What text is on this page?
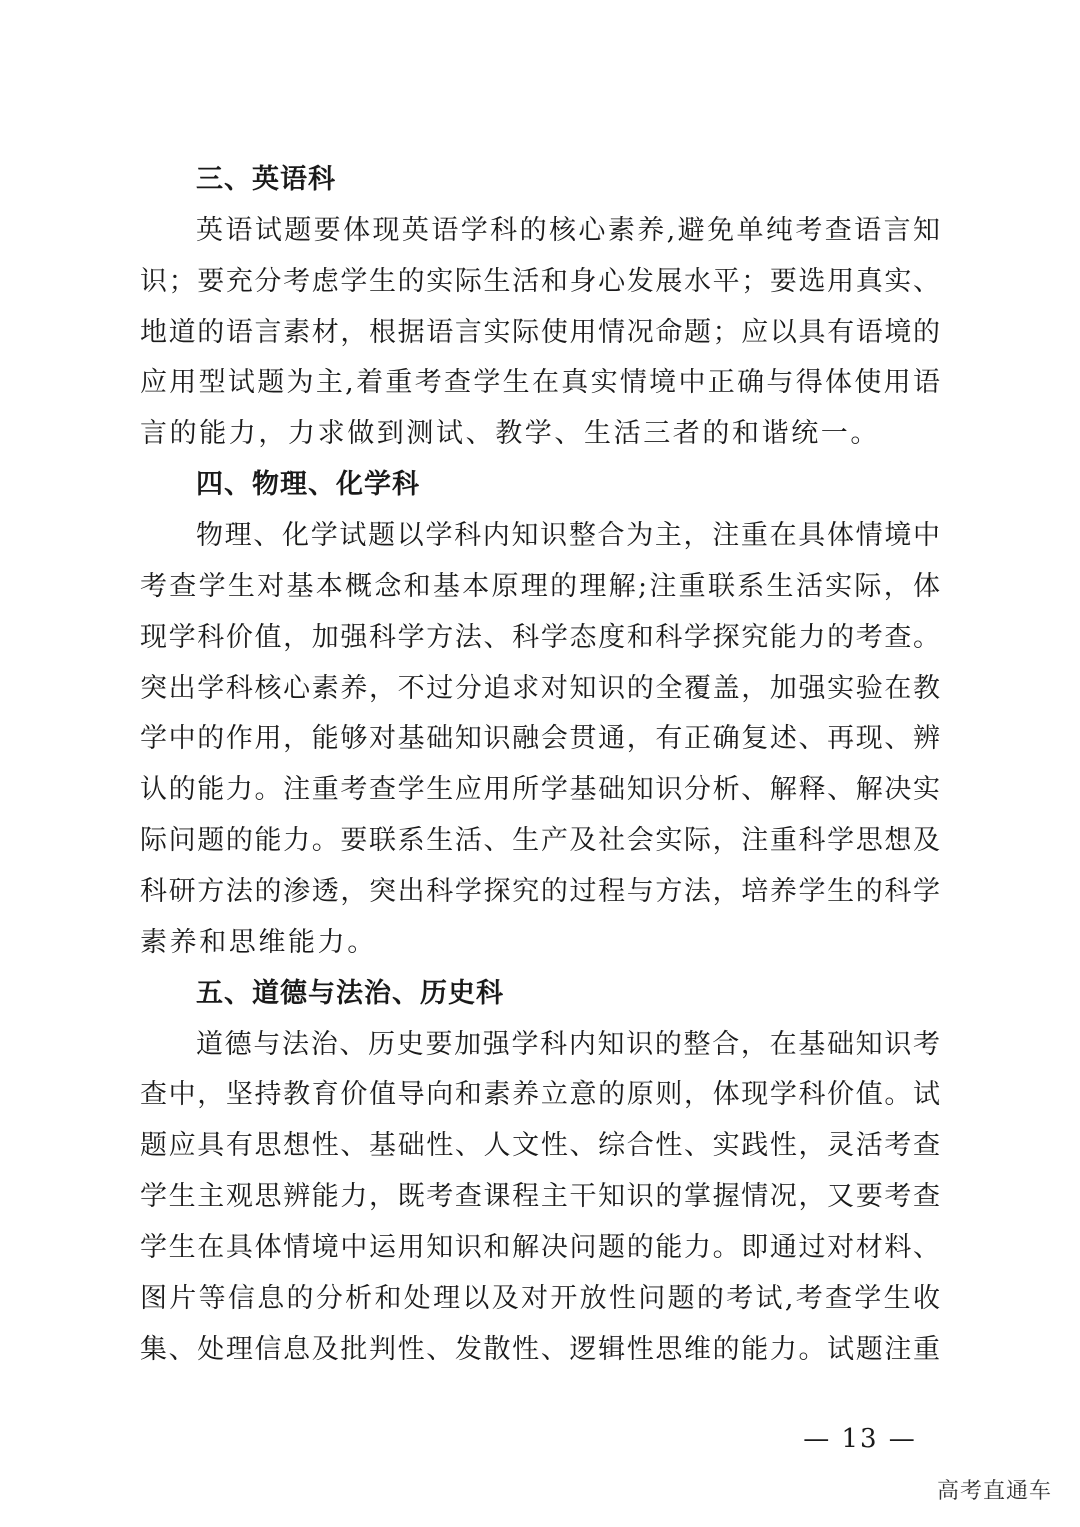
三、英语科
英语试题要体现英语学科的核心素养,避免单纯考查语言知
识；要充分考虑学生的实际生活和身心发展水平；要选用真实、
地道的语言素材，根据语言实际使用情况命题；应以具有语境的
应用型试题为主,着重考查学生在真实情境中正确与得体使用语
言的能力，力求做到测试、教学、生活三者的和谐统一。
四、物理、化学科
物理、化学试题以学科内知识整合为主，注重在具体情境中
考查学生对基本概念和基本原理的理解;注重联系生活实际，体
现学科价值，加强科学方法、科学态度和科学探究能力的考查。
突出学科核心素养，不过分追求对知识的全覆盖，加强实验在教
学中的作用，能够对基础知识融会贯通，有正确复述、再现、辨
认的能力。注重考查学生应用所学基础知识分析、解释、解决实
际问题的能力。要联系生活、生产及社会实际，注重科学思想及
科研方法的渗透，突出科学探究的过程与方法，培养学生的科学
素养和思维能力。
五、道德与法治、历史科
道德与法治、历史要加强学科内知识的整合，在基础知识考
查中，坚持教育价值导向和素养立意的原则，体现学科价值。试
题应具有思想性、基础性、人文性、综合性、实践性，灵活考查
学生主观思辨能力，既考查课程主干知识的掌握情况，又要考查
学生在具体情境中运用知识和解决问题的能力。即通过对材料、
图片等信息的分析和处理以及对开放性问题的考试,考查学生收
集、处理信息及批判性、发散性、逻辑性思维的能力。试题注重
— 13 —
高考直通车
